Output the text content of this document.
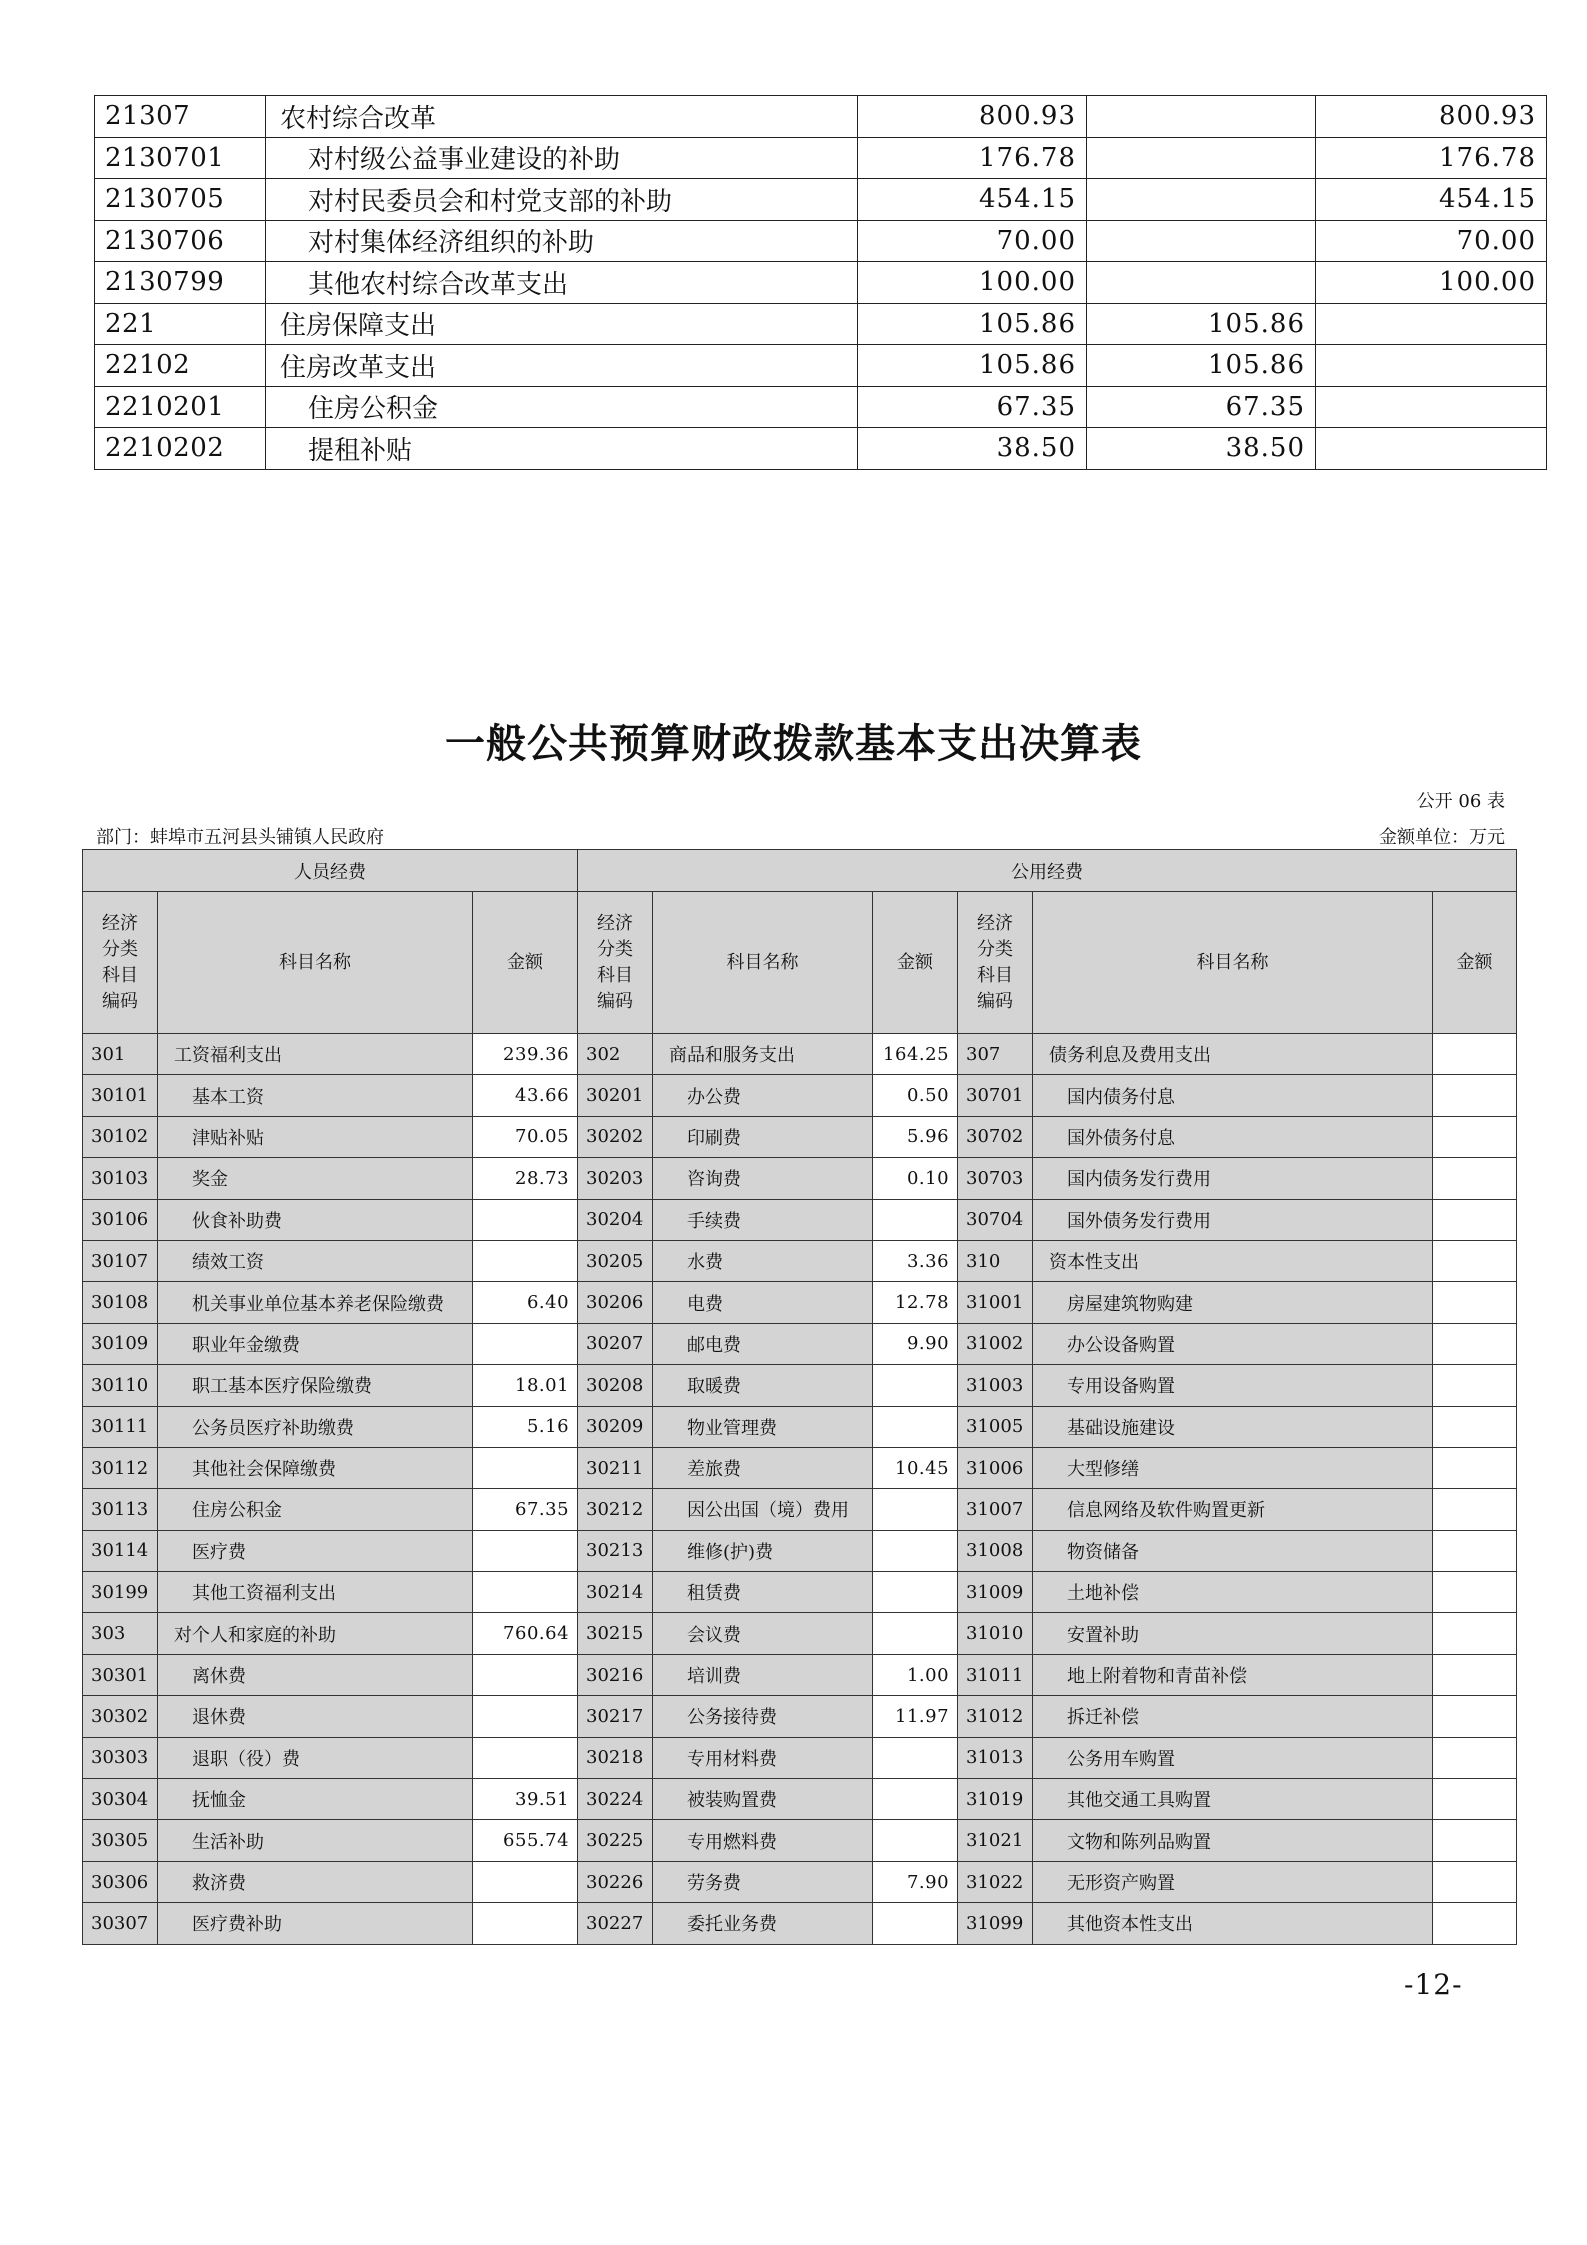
21307	农村综合改革	800.93		800.93
2130701	对村级公益事业建设的补助	176.78		176.78
2130705	对村民委员会和村党支部的补助	454.15		454.15
2130706	对村集体经济组织的补助	70.00		70.00
2130799	其他农村综合改革支出	100.00		100.00
221	住房保障支出	105.86	105.86	
22102	住房改革支出	105.86	105.86	
2210201	住房公积金	67.35	67.35	
2210202	提租补贴	38.50	38.50	
一般公共预算财政拨款基本支出决算表
公开 06 表
部门：蚌埠市五河县头铺镇人民政府	金额单位：万元
人员经费			公用经费					
经济
分类
科目
编码	科目名称	金额	经济
分类
科目
编码	科目名称	金额	经济
分类
科目
编码	科目名称	金额
301	工资福利支出	239.36	302	商品和服务支出	164.25	307	债务利息及费用支出	
30101	基本工资	43.66	30201	办公费	0.50	30701	国内债务付息	
30102	津贴补贴	70.05	30202	印刷费	5.96	30702	国外债务付息	
30103	奖金	28.73	30203	咨询费	0.10	30703	国内债务发行费用	
30106	伙食补助费		30204	手续费		30704	国外债务发行费用	
30107	绩效工资		30205	水费	3.36	310	资本性支出	
30108	机关事业单位基本养老保险缴费	6.40	30206	电费	12.78	31001	房屋建筑物购建	
30109	职业年金缴费		30207	邮电费	9.90	31002	办公设备购置	
30110	职工基本医疗保险缴费	18.01	30208	取暖费		31003	专用设备购置	
30111	公务员医疗补助缴费	5.16	30209	物业管理费		31005	基础设施建设	
30112	其他社会保障缴费		30211	差旅费	10.45	31006	大型修缮	
30113	住房公积金	67.35	30212	因公出国（境）费用		31007	信息网络及软件购置更新	
30114	医疗费		30213	维修(护)费		31008	物资储备	
30199	其他工资福利支出		30214	租赁费		31009	土地补偿	
303	对个人和家庭的补助	760.64	30215	会议费		31010	安置补助	
30301	离休费		30216	培训费	1.00	31011	地上附着物和青苗补偿	
30302	退休费		30217	公务接待费	11.97	31012	拆迁补偿	
30303	退职（役）费		30218	专用材料费		31013	公务用车购置	
30304	抚恤金	39.51	30224	被装购置费		31019	其他交通工具购置	
30305	生活补助	655.74	30225	专用燃料费		31021	文物和陈列品购置	
30306	救济费		30226	劳务费	7.90	31022	无形资产购置	
30307	医疗费补助		30227	委托业务费		31099	其他资本性支出	
-12-
